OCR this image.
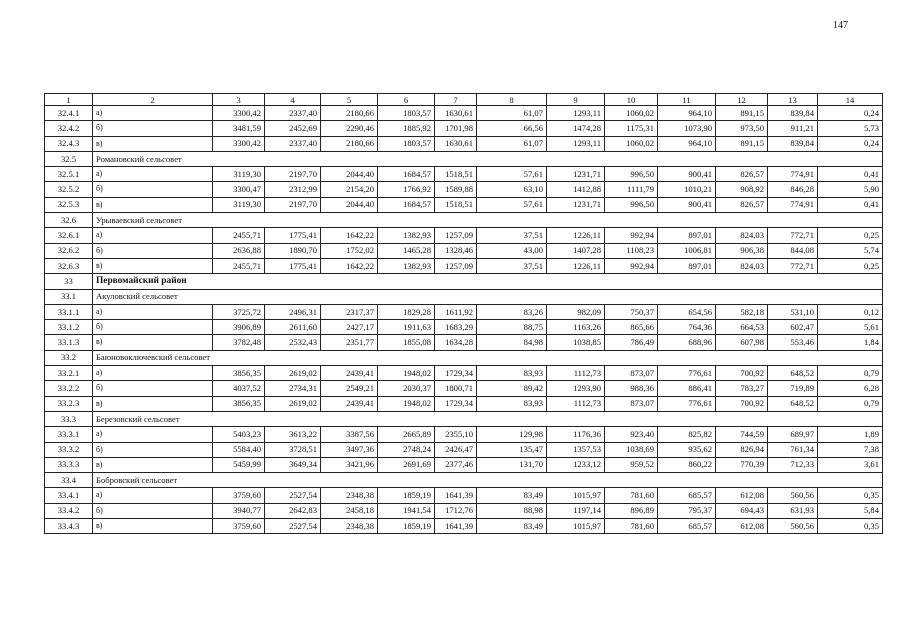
147
1	2	3	4	5	6	7	8	9	10	11	12	13	14
32.4.1	а)	3300,42	2337,40	2180,66	1803,57	1630,61	61,07	1293,11	1060,02	964,10	891,15	839,84	0,24
32.4.2	б)	3481,59	2452,69	2290,46	1885,92	1701,98	66,56	1474,28	1175,31	1073,90	973,50	911,21	5,73
32.4.3	в)	3300,42	2337,40	2180,66	1803,57	1630,61	61,07	1293,11	1060,02	964,10	891,15	839,84	0,24
32.5	Романовский сельсовет												
32.5.1	а)	3119,30	2197,70	2044,40	1684,57	1518,51	57,61	1231,71	996,50	900,41	826,57	774,91	0,41
32.5.2	б)	3300,47	2312,99	2154,20	1766,92	1589,88	63,10	1412,88	1111,79	1010,21	908,92	846,28	5,90
32.5.3	в)	3119,30	2197,70	2044,40	1684,57	1518,51	57,61	1231,71	996,50	900,41	826,57	774,91	0,41
32.6	Урываевский сельсовет												
32.6.1	а)	2455,71	1775,41	1642,22	1382,93	1257,09	37,51	1226,11	992,94	897,01	824,03	772,71	0,25
32.6.2	б)	2636,88	1890,70	1752,02	1465,28	1328,46	43,00	1407,28	1108,23	1006,81	906,38	844,08	5,74
32.6.3	в)	2455,71	1775,41	1642,22	1382,93	1257,09	37,51	1226,11	992,94	897,01	824,03	772,71	0,25
33	Первомайский район												
33.1	Акуловский сельсовет												
33.1.1	а)	3725,72	2496,31	2317,37	1829,28	1611,92	83,26	982,09	750,37	654,56	582,18	531,10	0,12
33.1.2	б)	3906,89	2611,60	2427,17	1911,63	1683,29	88,75	1163,26	865,66	764,36	664,53	602,47	5,61
33.1.3	в)	3782,48	2532,43	2351,77	1855,08	1634,28	84,98	1038,85	786,49	688,96	607,98	553,46	1,84
33.2	Баюновоключевский сельсовет												
33.2.1	а)	3856,35	2619,02	2439,41	1948,02	1729,34	83,93	1112,73	873,07	776,61	700,92	648,52	0,79
33.2.2	б)	4037,52	2734,31	2549,21	2030,37	1800,71	89,42	1293,90	988,36	886,41	783,27	719,89	6,28
33.2.3	в)	3856,35	2619,02	2439,41	1948,02	1729,34	83,93	1112,73	873,07	776,61	700,92	648,52	0,79
33.3	Березовский сельсовет												
33.3.1	а)	5403,23	3613,22	3387,56	2665,89	2355,10	129,98	1176,36	923,40	825,82	744,59	689,97	1,89
33.3.2	б)	5584,40	3728,51	3497,36	2748,24	2426,47	135,47	1357,53	1038,69	935,62	826,94	761,34	7,38
33.3.3	в)	5459,99	3649,34	3421,96	2691,69	2377,46	131,70	1233,12	959,52	860,22	770,39	712,33	3,61
33.4	Бобровский сельсовет												
33.4.1	а)	3759,60	2527,54	2348,38	1859,19	1641,39	83,49	1015,97	781,60	685,57	612,08	560,56	0,35
33.4.2	б)	3940,77	2642,83	2458,18	1941,54	1712,76	88,98	1197,14	896,89	795,37	694,43	631,93	5,84
33.4.3	в)	3759,60	2527,54	2348,38	1859,19	1641,39	83,49	1015,97	781,60	685,57	612,08	560,56	0,35
